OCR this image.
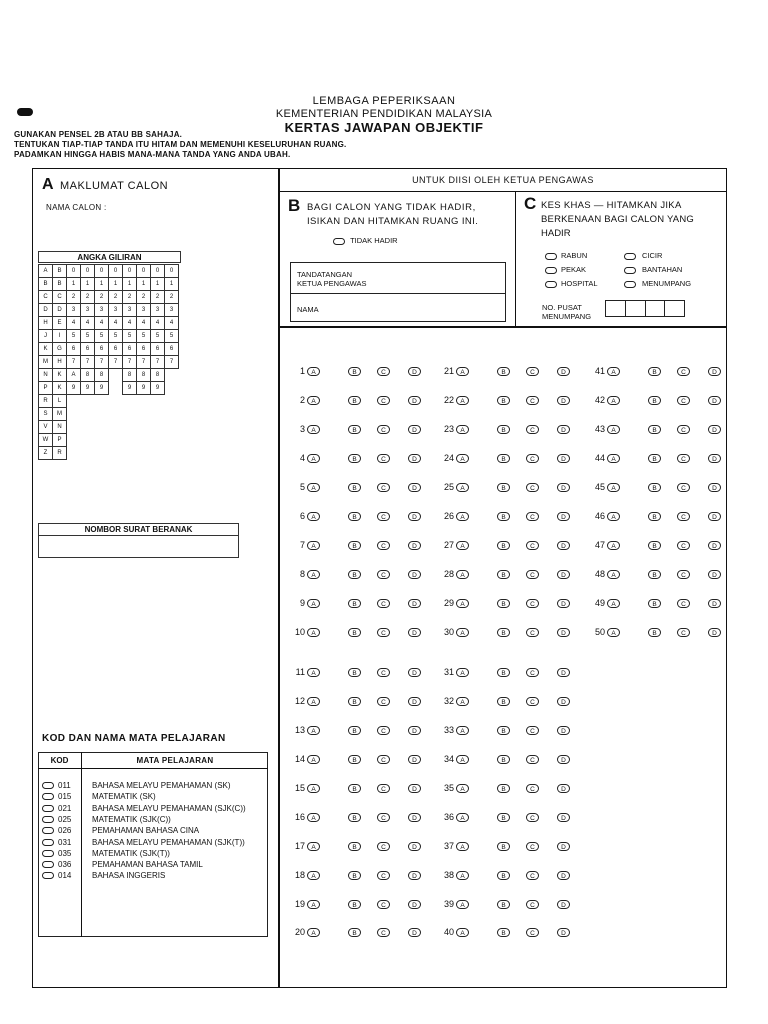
LEMBAGA PEPERIKSAAN
KEMENTERIAN PENDIDIKAN MALAYSIA
KERTAS JAWAPAN OBJEKTIF
GUNAKAN PENSEL 2B ATAU BB SAHAJA.
TENTUKAN TIAP-TIAP TANDA ITU HITAM DAN MEMENUHI KESELURUHAN RUANG.
PADAMKAN HINGGA HABIS MANA-MANA TANDA YANG ANDA UBAH.
A MAKLUMAT CALON
NAMA CALON :
ANGKA GILIRAN
A	B	0	0	0	0	0	0	0	0
B	B	1	1	1	1	1	1	1	1
C	C	2	2	2	2	2	2	2	2
D	D	3	3	3	3	3	3	3	3
H	E	4	4	4	4	4	4	4	4
J	I	5	5	5	5	5	5	5	5
K	G	6	6	6	6	6	6	6	6
M	H	7	7	7	7	7	7	7	7
N	K	A	8	8		8	8	8	
P	K	9	9	9		9	9	9	
R	L								
S	M								
V	N								
W	P								
Z	R								
NOMBOR SURAT BERANAK
UNTUK DIISI OLEH KETUA PENGAWAS
B BAGI CALON YANG TIDAK HADIR,
ISIKAN DAN HITAMKAN RUANG INI.
TIDAK HADIR
TANDATANGAN
KETUA PENGAWAS
NAMA
C KES KHAS — HITAMKAN JIKA
BERKENAAN BAGI CALON YANG
HADIR
RABUN	CICIR
PEKAK	BANTAHAN
HOSPITAL	MENUMPANG
NO. PUSAT
MENUMPANG
1 A	B	C	D
2 A	B	C	D
3 A	B	C	D
4 A	B	C	D
5 A	B	C	D
6 A	B	C	D
7 A	B	C	D
8 A	B	C	D
9 A	B	C	D
10 A	B	C	D
11 A	B	C	D
12 A	B	C	D
13 A	B	C	D
14 A	B	C	D
15 A	B	C	D
16 A	B	C	D
17 A	B	C	D
18 A	B	C	D
19 A	B	C	D
20 A	B	C	D
21 A	B	C	D
22 A	B	C	D
23 A	B	C	D
24 A	B	C	D
25 A	B	C	D
26 A	B	C	D
27 A	B	C	D
28 A	B	C	D
29 A	B	C	D
30 A	B	C	D
31 A	B	C	D
32 A	B	C	D
33 A	B	C	D
34 A	B	C	D
35 A	B	C	D
36 A	B	C	D
37 A	B	C	D
38 A	B	C	D
39 A	B	C	D
40 A	B	C	D
41 A	B	C	D
42 A	B	C	D
43 A	B	C	D
44 A	B	C	D
45 A	B	C	D
46 A	B	C	D
47 A	B	C	D
48 A	B	C	D
49 A	B	C	D
50 A	B	C	D
KOD DAN NAMA MATA PELAJARAN
KOD	MATA PELAJARAN
011	BAHASA MELAYU PEMAHAMAN (SK)
015	MATEMATIK (SK)
021	BAHASA MELAYU PEMAHAMAN (SJK(C))
025	MATEMATIK (SJK(C))
026	PEMAHAMAN BAHASA CINA
031	BAHASA MELAYU PEMAHAMAN (SJK(T))
035	MATEMATIK (SJK(T))
036	PEMAHAMAN BAHASA TAMIL
014	BAHASA INGGERIS
